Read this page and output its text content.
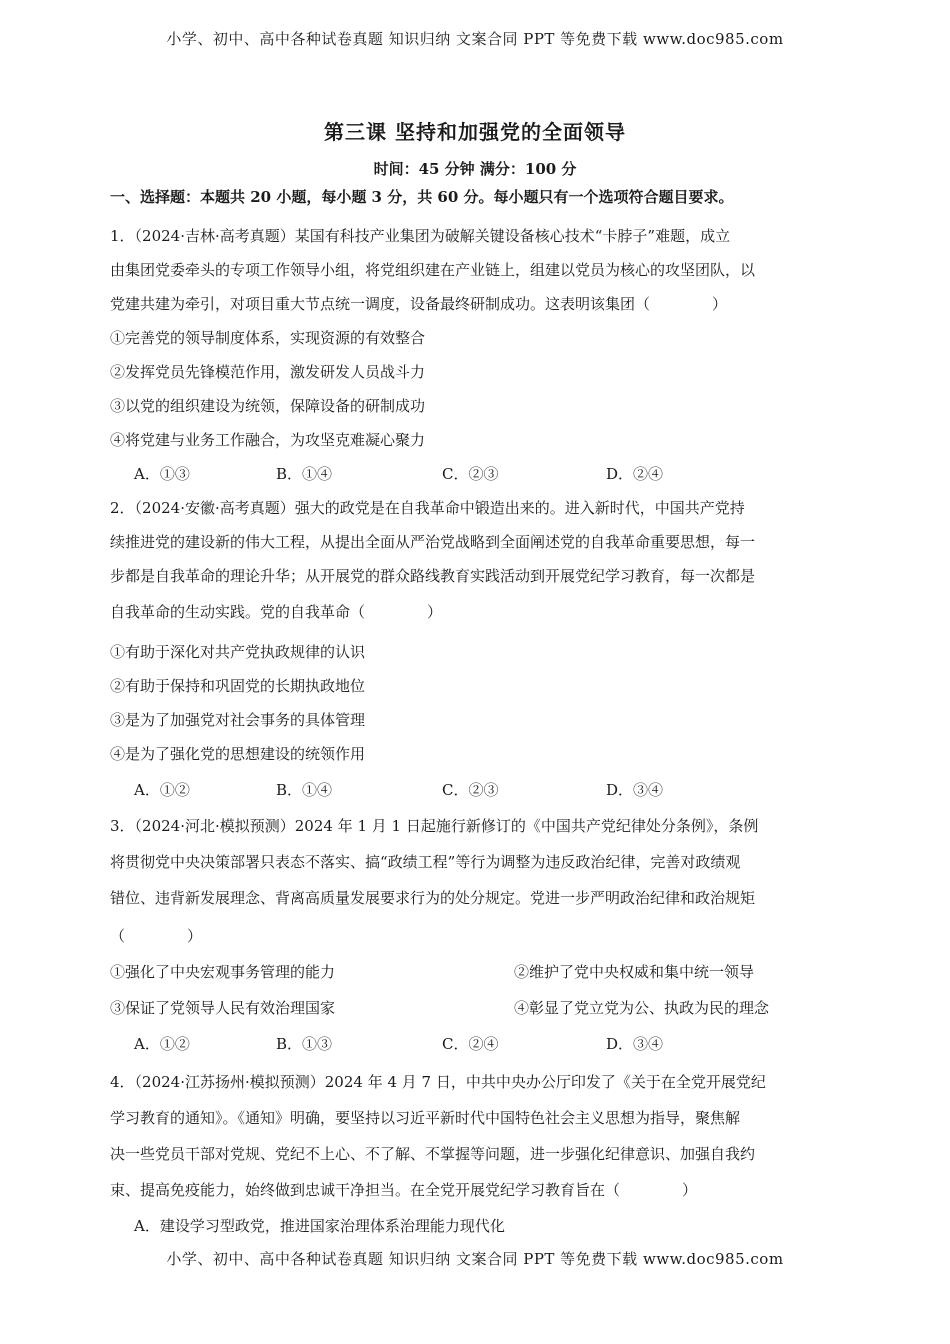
小学、初中、高中各种试卷真题 知识归纳 文案合同 PPT 等免费下载 www.doc985.com
第三课 坚持和加强党的全面领导
时间：45 分钟 满分：100 分
一、选择题：本题共 20 小题，每小题 3 分，共 60 分。每小题只有一个选项符合题目要求。
1．（2024·吉林·高考真题）某国有科技产业集团为破解关键设备核心技术“卡脖子”难题，成立
由集团党委牵头的专项工作领导小组，将党组织建在产业链上，组建以党员为核心的攻坚团队，以
党建共建为牵引，对项目重大节点统一调度，设备最终研制成功。这表明该集团（	）
①完善党的领导制度体系，实现资源的有效整合
②发挥党员先锋模范作用，激发研发人员战斗力
③以党的组织建设为统领，保障设备的研制成功
④将党建与业务工作融合，为攻坚克难凝心聚力
A．①③	B．①④	C．②③	D．②④
2．（2024·安徽·高考真题）强大的政党是在自我革命中锻造出来的。进入新时代，中国共产党持
续推进党的建设新的伟大工程，从提出全面从严治党战略到全面阐述党的自我革命重要思想，每一
步都是自我革命的理论升华；从开展党的群众路线教育实践活动到开展党纪学习教育，每一次都是
自我革命的生动实践。党的自我革命（	）
①有助于深化对共产党执政规律的认识
②有助于保持和巩固党的长期执政地位
③是为了加强党对社会事务的具体管理
④是为了强化党的思想建设的统领作用
A．①②	B．①④	C．②③	D．③④
3．（2024·河北·模拟预测）2024 年 1 月 1 日起施行新修订的《中国共产党纪律处分条例》，条例
将贯彻党中央决策部署只表态不落实、搞“政绩工程”等行为调整为违反政治纪律，完善对政绩观
错位、违背新发展理念、背离高质量发展要求行为的处分规定。党进一步严明政治纪律和政治规矩
（	）
①强化了中央宏观事务管理的能力	②维护了党中央权威和集中统一领导
③保证了党领导人民有效治理国家	④彰显了党立党为公、执政为民的理念
A．①②	B．①③	C．②④	D．③④
4．（2024·江苏扬州·模拟预测）2024 年 4 月 7 日，中共中央办公厅印发了《关于在全党开展党纪
学习教育的通知》。《通知》明确，要坚持以习近平新时代中国特色社会主义思想为指导，聚焦解
决一些党员干部对党规、党纪不上心、不了解、不掌握等问题，进一步强化纪律意识、加强自我约
束、提高免疫能力，始终做到忠诚干净担当。在全党开展党纪学习教育旨在（	）
A．建设学习型政党，推进国家治理体系治理能力现代化
小学、初中、高中各种试卷真题 知识归纳 文案合同 PPT 等免费下载 www.doc985.com
